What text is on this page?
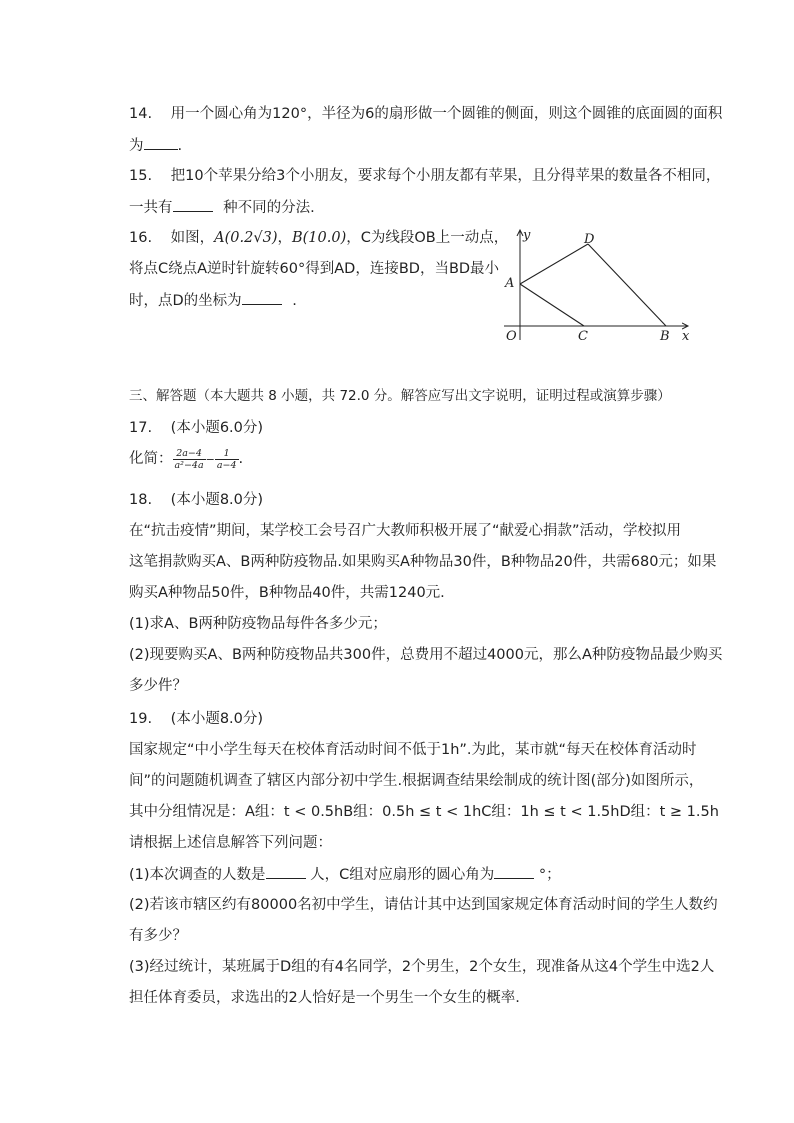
14. 用一个圆心角为120°，半径为6的扇形做一个圆锥的侧面，则这个圆锥的底面圆的面积
为 .
15. 把10个苹果分给3个小朋友，要求每个小朋友都有苹果，且分得苹果的数量各不相同，
一共有	种不同的分法.
16. 如图，A(0.2√3)，B(10.0)，C为线段OB上一动点，
将点C绕点A逆时针旋转60°得到AD，连接BD，当BD最小
时，点D的坐标为	.
y
x
O
A
D
C	B
三、解答题（本大题共 8 小题，共 72.0 分。解答应写出文字说明，证明过程或演算步骤）
17. (本小题6.0分)
化简： $\frac{2a-4}{\text{a²−4a}} - \frac{1}{a-4}$ .
18. (本小题8.0分)
在“抗击疫情”期间，某学校工会号召广大教师积极开展了“献爱心捐款”活动，学校拟用
这笔捐款购买A、B两种防疫物品.如果购买A种物品30件，B种物品20件，共需680元；如果
购买A种物品50件，B种物品40件，共需1240元.
(1)求A、B两种防疫物品每件各多少元；
(2)现要购买A、B两种防疫物品共300件，总费用不超过4000元，那么A种防疫物品最少购买
多少件？
19. (本小题8.0分)
国家规定“中小学生每天在校体育活动时间不低于1h”.为此，某市就“每天在校体育活动时
间”的问题随机调查了辖区内部分初中学生.根据调查结果绘制成的统计图(部分)如图所示，
其中分组情况是：A组：t < 0.5hB组：0.5h ≤ t < 1hC组：1h ≤ t < 1.5hD组：t ≥ 1.5h
请根据上述信息解答下列问题：
(1)本次调查的人数是	人，C组对应扇形的圆心角为	°；
(2)若该市辖区约有80000名初中学生，请估计其中达到国家规定体育活动时间的学生人数约
有多少？
(3)经过统计，某班属于D组的有4名同学，2个男生，2个女生，现准备从这4个学生中选2人
担任体育委员，求选出的2人恰好是一个男生一个女生的概率.
